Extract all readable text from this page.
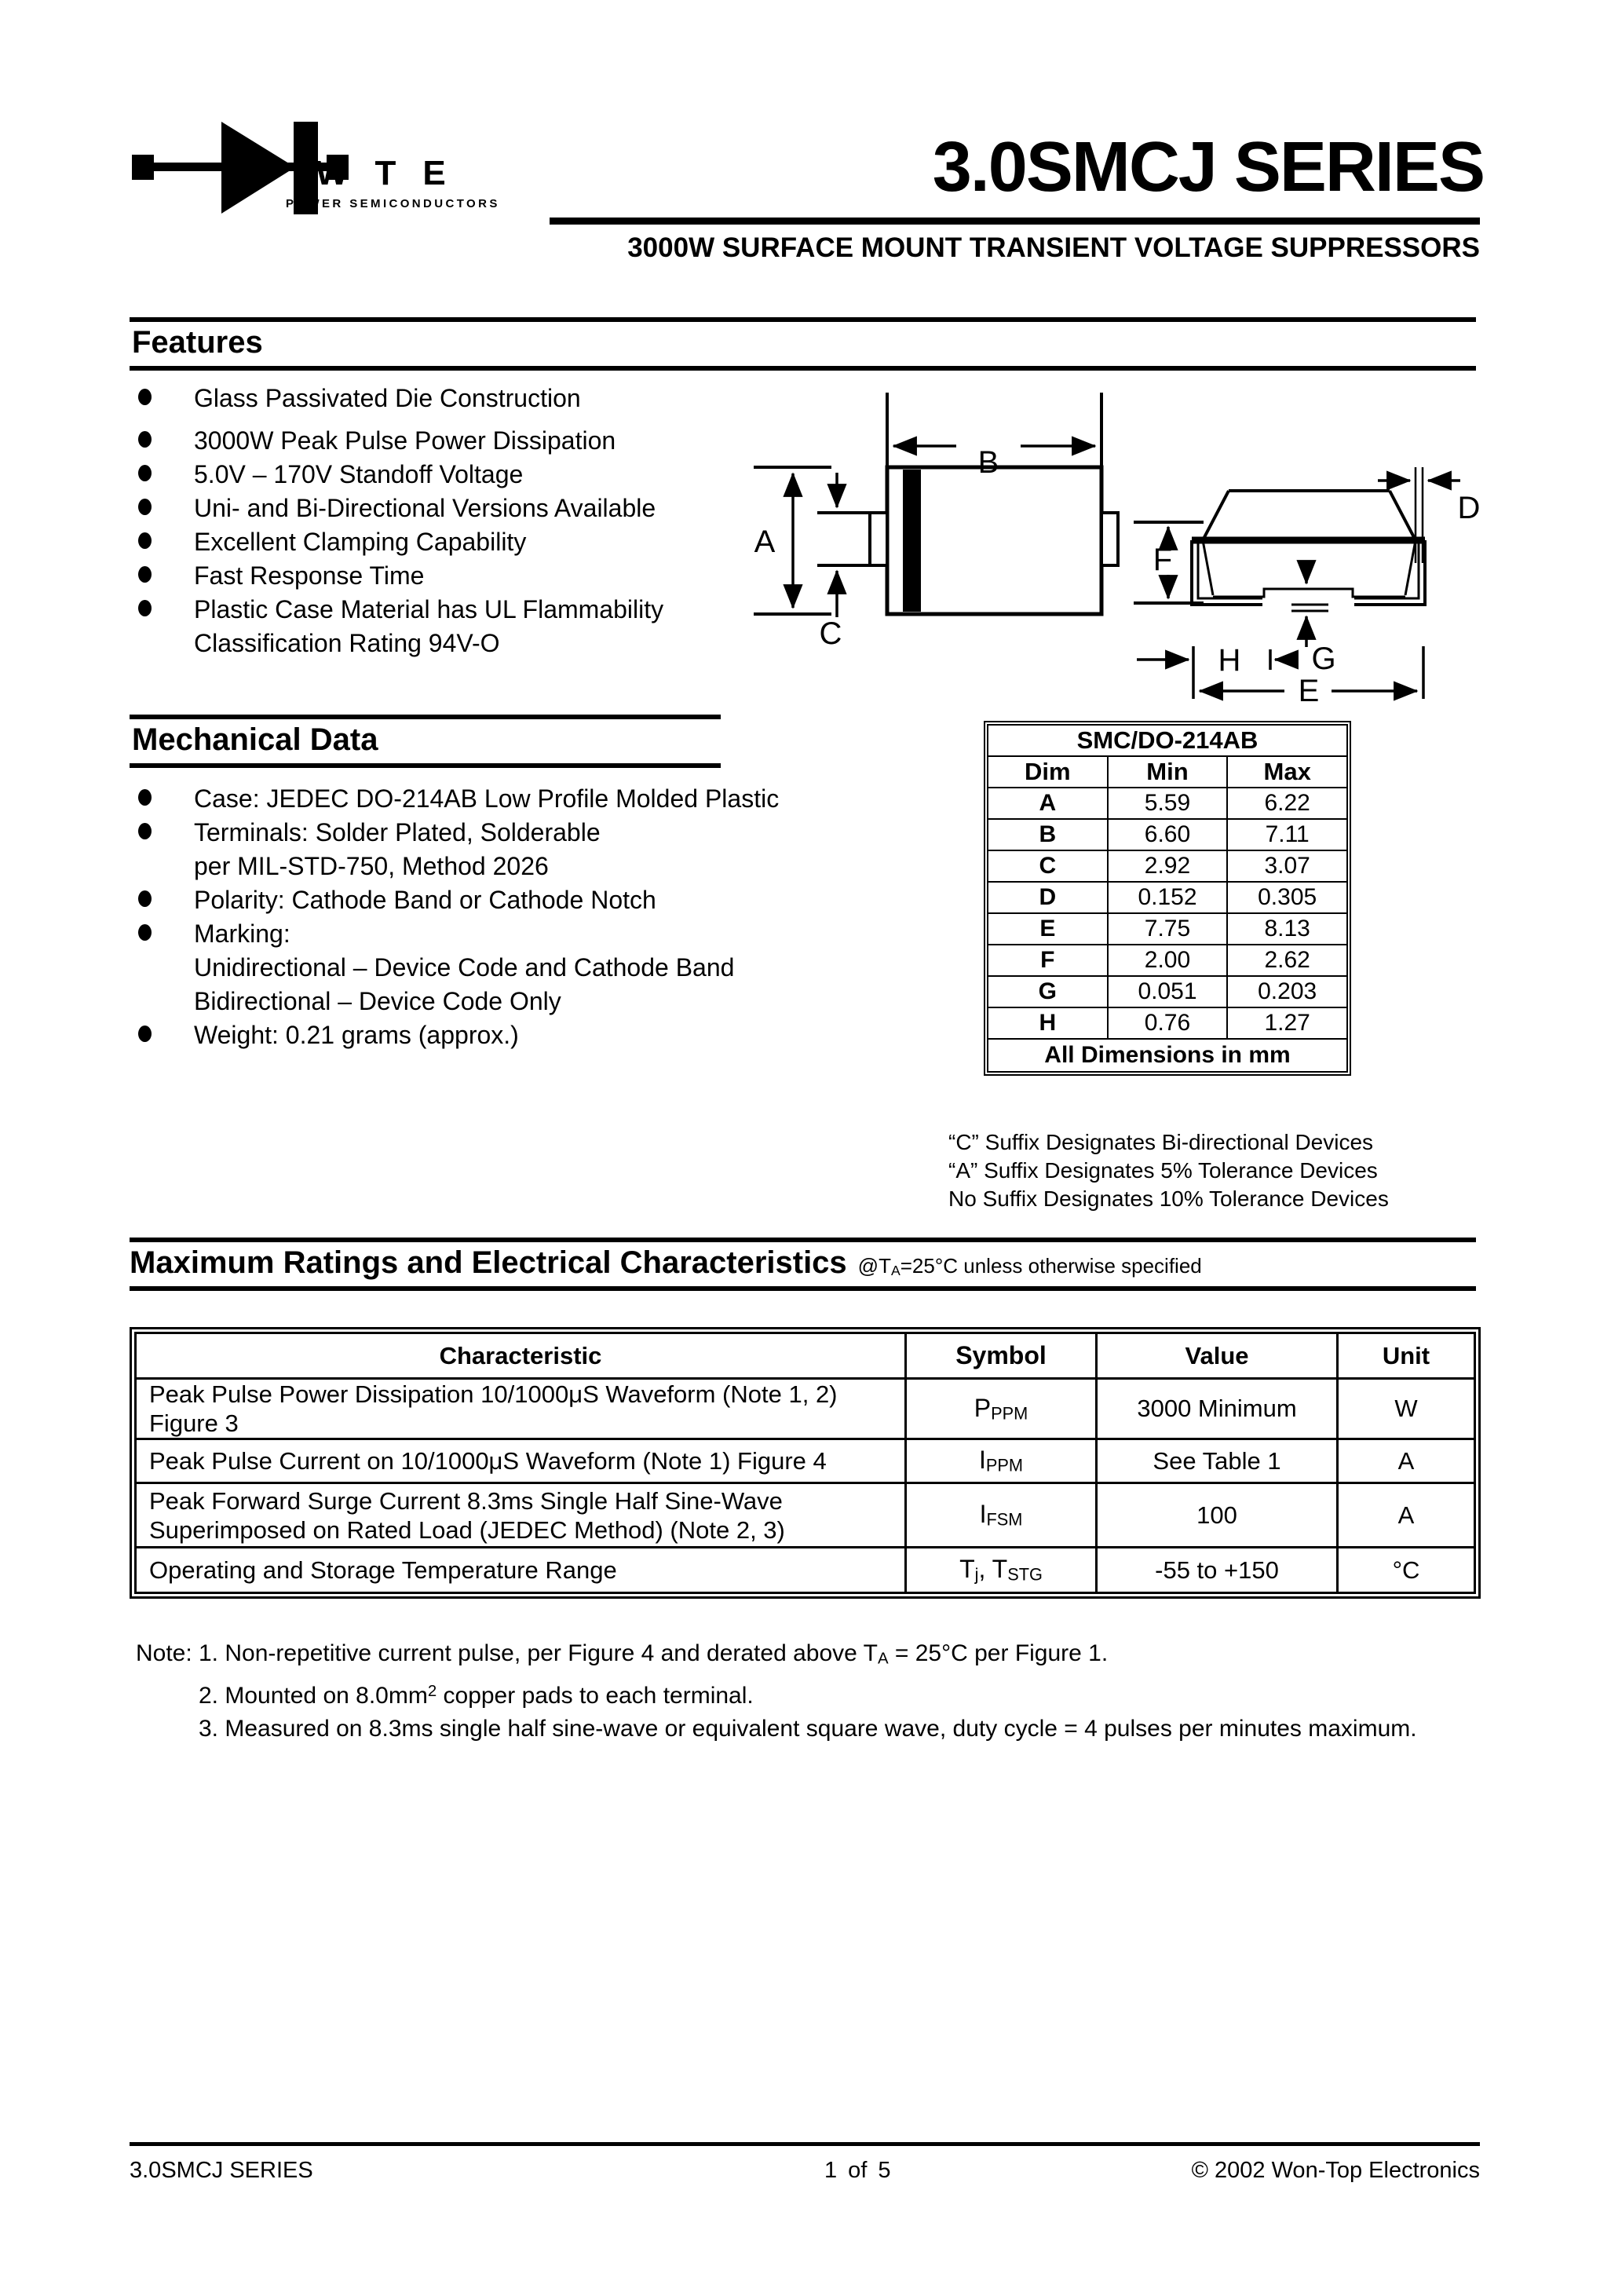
WTE
POWER SEMICONDUCTORS	3.0SMCJ SERIES
3000W SURFACE MOUNT TRANSIENT VOLTAGE SUPPRESSORS
Features
Glass Passivated Die Construction
3000W Peak Pulse Power Dissipation
5.0V – 170V Standoff Voltage
Uni- and Bi-Directional Versions Available
Excellent Clamping Capability
Fast Response Time
Plastic Case Material has UL Flammability
Classification Rating 94V-O
B
A
C
G
F
D
H
E
Mechanical Data
Case: JEDEC DO-214AB Low Profile Molded Plastic
Terminals: Solder Plated, Solderable
per MIL-STD-750, Method 2026
Polarity: Cathode Band or Cathode Notch
Marking:
Unidirectional – Device Code and Cathode Band
Bidirectional – Device Code Only
Weight: 0.21 grams (approx.)
SMC/DO-214AB		
Dim	Min	Max
A	5.59	6.22
B	6.60	7.11
C	2.92	3.07
D	0.152	0.305
E	7.75	8.13
F	2.00	2.62
G	0.051	0.203
H	0.76	1.27
All Dimensions in mm		
“C” Suffix Designates Bi-directional Devices
“A” Suffix Designates 5% Tolerance Devices
No Suffix Designates 10% Tolerance Devices
Maximum Ratings and Electrical Characteristics @TA=25°C unless otherwise specified
Characteristic	Symbol	Value	Unit

Peak Pulse Power Dissipation 10/1000μS Waveform (Note 1, 2) Figure 3	PPPM	3000 Minimum	W

Peak Pulse Current on 10/1000μS Waveform (Note 1) Figure 4	IPPM	See Table 1	A

Peak Forward Surge Current 8.3ms Single Half Sine-Wave
Superimposed on Rated Load (JEDEC Method) (Note 2, 3)	IFSM	100	A

Operating and Storage Temperature Range	Tj, TSTG	-55 to +150	°C
Note: 1. Non-repetitive current pulse, per Figure 4 and derated above TA = 25°C per Figure 1.
2. Mounted on $8.0mm^2$ copper pads to each terminal.
3. Measured on 8.3ms single half sine-wave or equivalent square wave, duty cycle = 4 pulses per minutes maximum.
3.0SMCJ SERIES	1 of 5	© 2002 Won-Top Electronics
